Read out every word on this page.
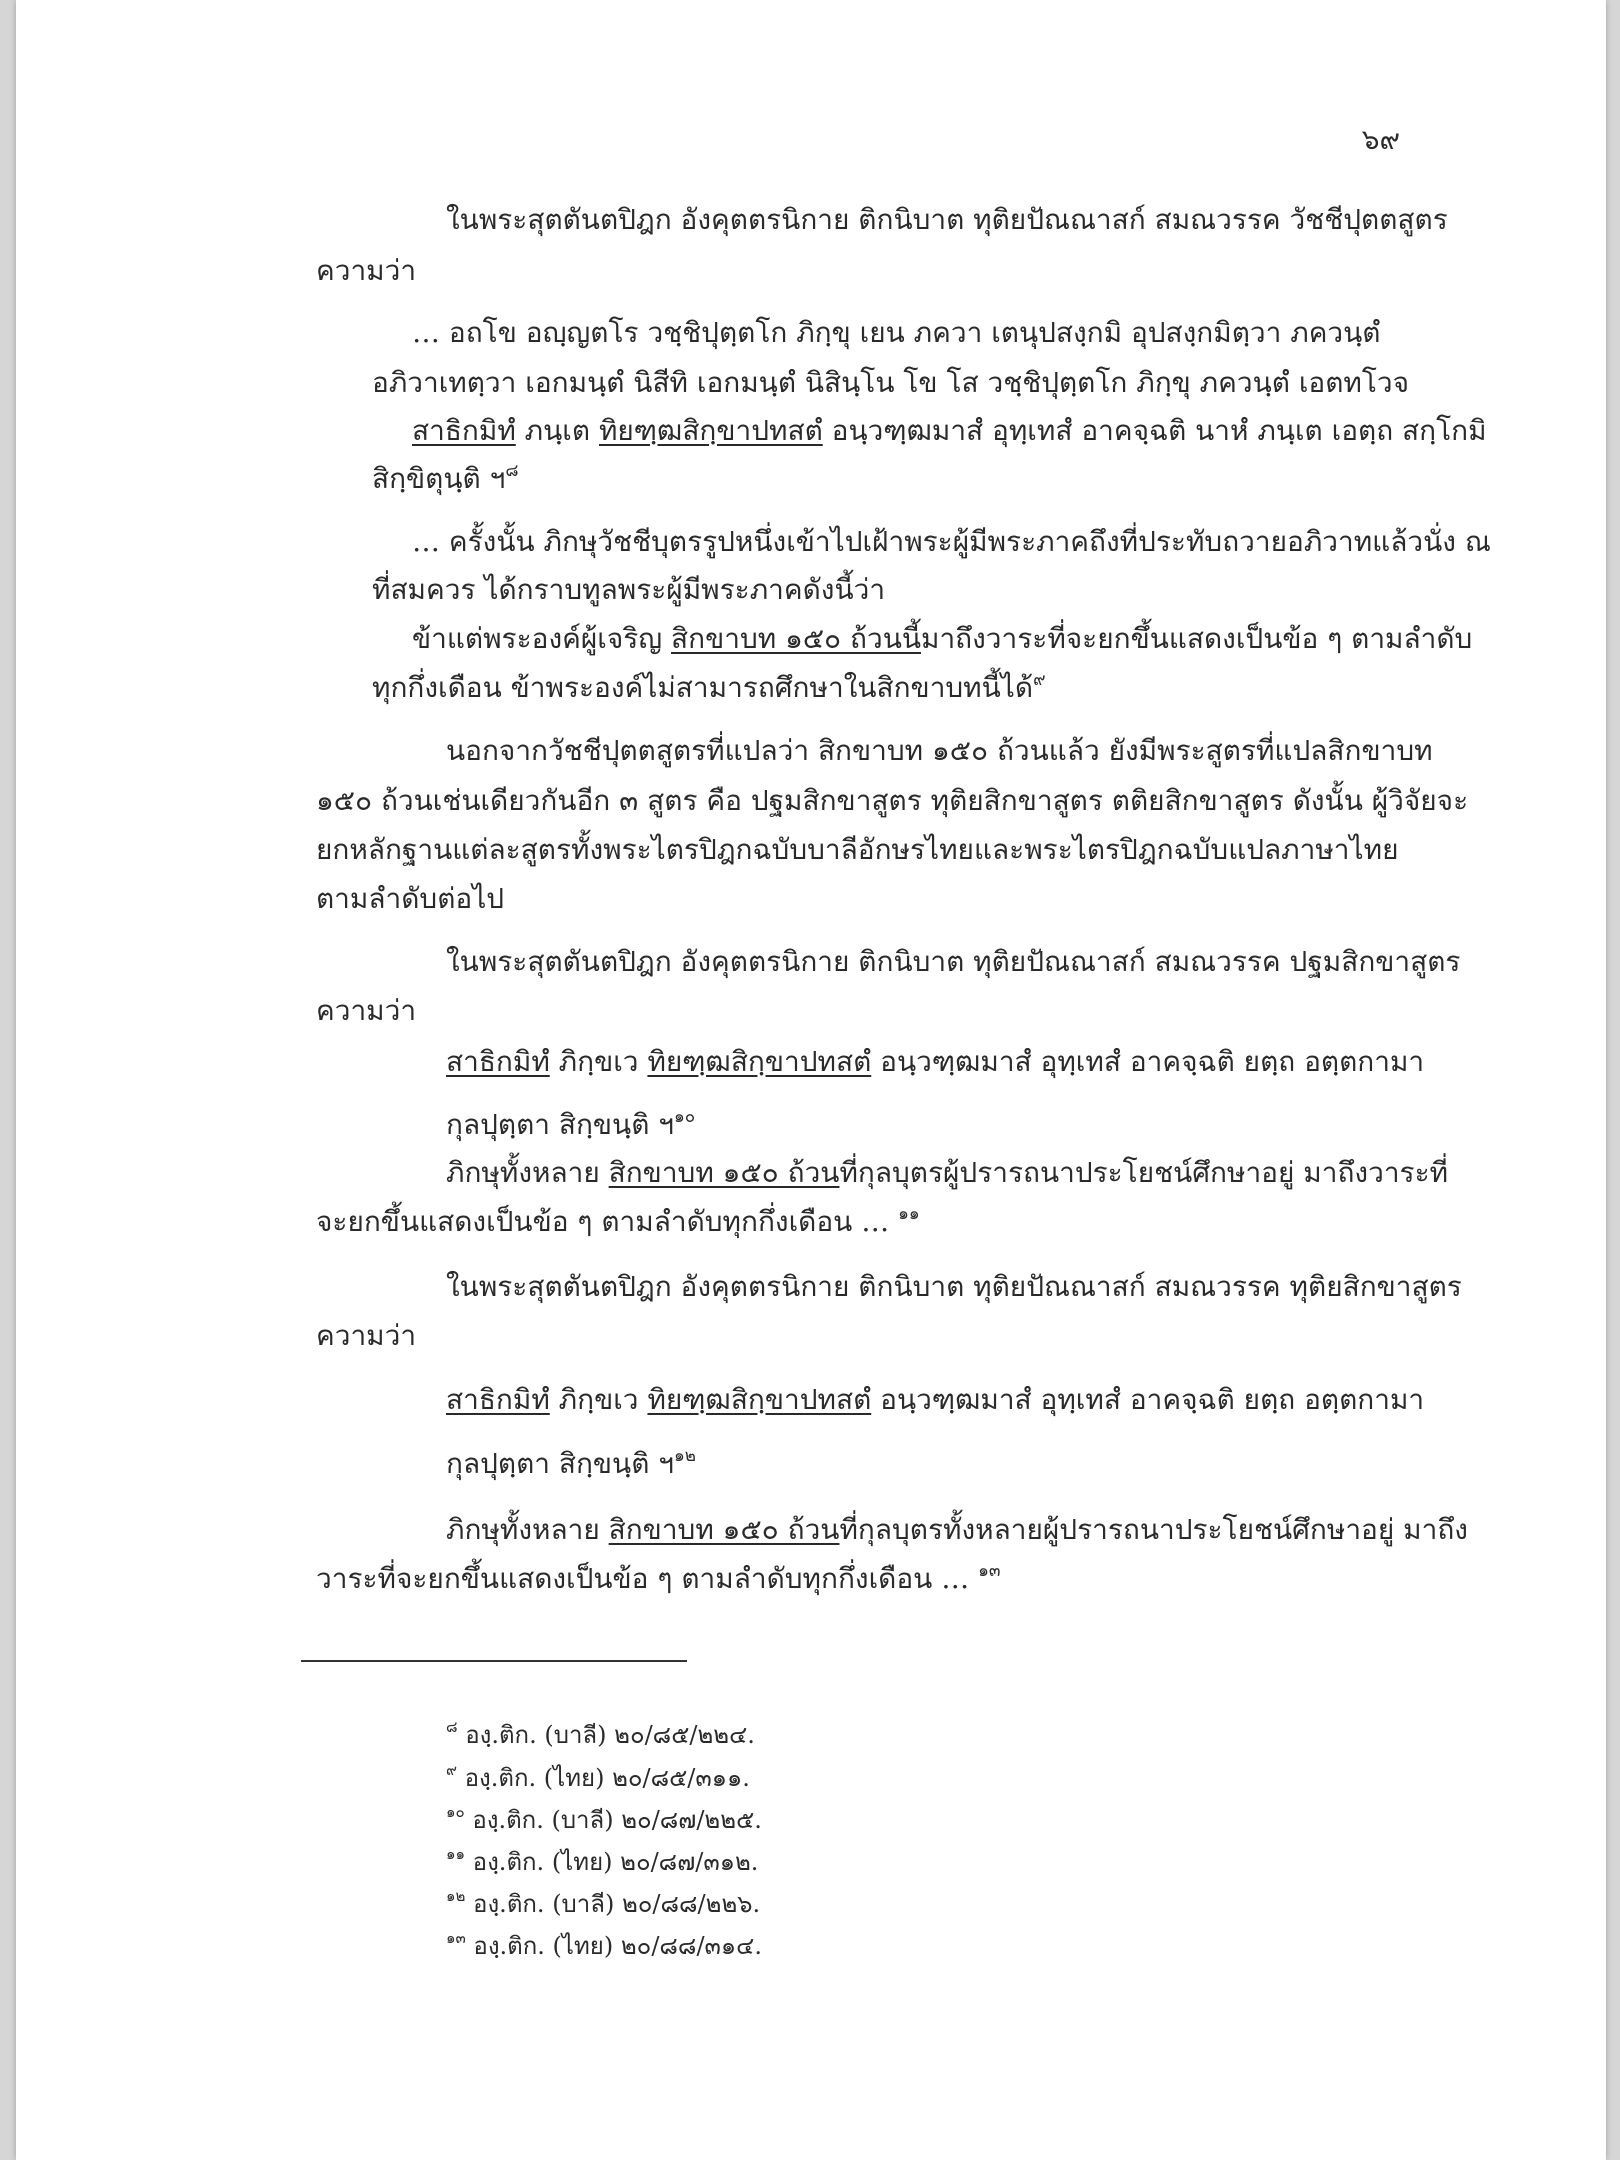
๖๙
ในพระสุตตันตปิฎก อังคุตตรนิกาย ติกนิบาต ทุติยปัณณาสก์ สมณวรรค วัชชีปุตตสูตร
ความว่า
… อถโข อญฺญตโร วชฺชิปุตฺตโก ภิกฺขุ เยน ภควา เตนุปสงฺกมิ อุปสงฺกมิตฺวา ภควนฺตํ
อภิวาเทตฺวา เอกมนฺตํ นิสีทิ เอกมนฺตํ นิสินฺโน โข โส วชฺชิปุตฺตโก ภิกฺขุ ภควนฺตํ เอตทโวจ
สาธิกมิทํ ภนฺเต ทิยฑฺฒสิกฺขาปทสตํ อนฺวฑฺฒมาสํ อุทฺเทสํ อาคจฺฉติ นาหํ ภนฺเต เอตฺถ สกฺโกมิ
สิกฺขิตุนฺติ ฯ$^๘$
… ครั้งนั้น ภิกษุวัชชีบุตรรูปหนึ่งเข้าไปเฝ้าพระผู้มีพระภาคถึงที่ประทับถวายอภิวาทแล้วนั่ง ณ
ที่สมควร ได้กราบทูลพระผู้มีพระภาคดังนี้ว่า
ข้าแต่พระองค์ผู้เจริญ สิกขาบท ๑๕๐ ถ้วนนี้มาถึงวาระที่จะยกขึ้นแสดงเป็นข้อ ๆ ตามลำดับ
ทุกกึ่งเดือน ข้าพระองค์ไม่สามารถศึกษาในสิกขาบทนี้ได้$^๙$
นอกจากวัชชีปุตตสูตรที่แปลว่า สิกขาบท ๑๕๐ ถ้วนแล้ว ยังมีพระสูตรที่แปลสิกขาบท
๑๕๐ ถ้วนเช่นเดียวกันอีก ๓ สูตร คือ ปฐมสิกขาสูตร ทุติยสิกขาสูตร ตติยสิกขาสูตร ดังนั้น ผู้วิจัยจะ
ยกหลักฐานแต่ละสูตรทั้งพระไตรปิฎกฉบับบาลีอักษรไทยและพระไตรปิฎกฉบับแปลภาษาไทย
ตามลำดับต่อไป
ในพระสุตตันตปิฎก อังคุตตรนิกาย ติกนิบาต ทุติยปัณณาสก์ สมณวรรค ปฐมสิกขาสูตร
ความว่า
สาธิกมิทํ ภิกฺขเว ทิยฑฺฒสิกฺขาปทสตํ อนฺวฑฺฒมาสํ อุทฺเทสํ อาคจฺฉติ ยตฺถ อตฺตกามา
กุลปุตฺตา สิกฺขนฺติ ฯ$^{๑๐}$
ภิกษุทั้งหลาย สิกขาบท ๑๕๐ ถ้วนที่กุลบุตรผู้ปรารถนาประโยชน์ศึกษาอยู่ มาถึงวาระที่
จะยกขึ้นแสดงเป็นข้อ ๆ ตามลำดับทุกกึ่งเดือน … $^{๑๑}$
ในพระสุตตันตปิฎก อังคุตตรนิกาย ติกนิบาต ทุติยปัณณาสก์ สมณวรรค ทุติยสิกขาสูตร
ความว่า
สาธิกมิทํ ภิกฺขเว ทิยฑฺฒสิกฺขาปทสตํ อนฺวฑฺฒมาสํ อุทฺเทสํ อาคจฺฉติ ยตฺถ อตฺตกามา
กุลปุตฺตา สิกฺขนฺติ ฯ$^{๑๒}$
ภิกษุทั้งหลาย สิกขาบท ๑๕๐ ถ้วนที่กุลบุตรทั้งหลายผู้ปรารถนาประโยชน์ศึกษาอยู่ มาถึง
วาระที่จะยกขึ้นแสดงเป็นข้อ ๆ ตามลำดับทุกกึ่งเดือน … $^{๑๓}$
$^๘$ องฺ.ติก. (บาลี) ๒๐/๘๕/๒๒๔.
$^๙$ องฺ.ติก. (ไทย) ๒๐/๘๕/๓๑๑.
$^{๑๐}$ องฺ.ติก. (บาลี) ๒๐/๘๗/๒๒๕.
$^{๑๑}$ องฺ.ติก. (ไทย) ๒๐/๘๗/๓๑๒.
$^{๑๒}$ องฺ.ติก. (บาลี) ๒๐/๘๘/๒๒๖.
$^{๑๓}$ องฺ.ติก. (ไทย) ๒๐/๘๘/๓๑๔.
